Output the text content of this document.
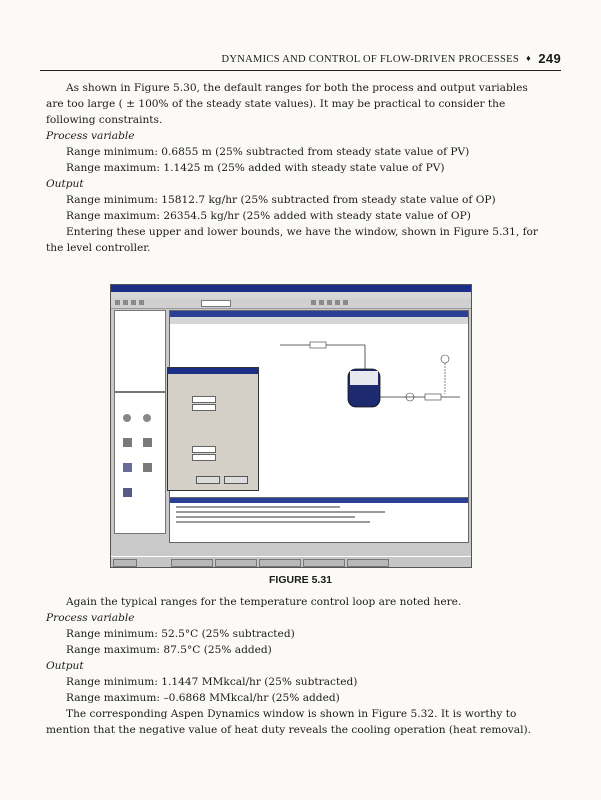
DYNAMICS AND CONTROL OF FLOW-DRIVEN PROCESSES ♦ 249
As shown in Figure 5.30, the default ranges for both the process and output variables are too large ( ± 100% of the steady state values). It may be practical to consider the following constraints.
Process variable
Range minimum: 0.6855 m (25% subtracted from steady state value of PV)
Range maximum: 1.1425 m (25% added with steady state value of PV)
Output
Range minimum: 15812.7 kg/hr (25% subtracted from steady state value of OP)
Range maximum: 26354.5 kg/hr (25% added with steady state value of OP)
Entering these upper and lower bounds, we have the window, shown in Figure 5.31, for the level controller.
FIGURE 5.31
Again the typical ranges for the temperature control loop are noted here.
Process variable
Range minimum: 52.5°C (25% subtracted)
Range maximum: 87.5°C (25% added)
Output
Range minimum: 1.1447 MMkcal/hr (25% subtracted)
Range maximum: –0.6868 MMkcal/hr (25% added)
The corresponding Aspen Dynamics window is shown in Figure 5.32. It is worthy to mention that the negative value of heat duty reveals the cooling operation (heat removal).
